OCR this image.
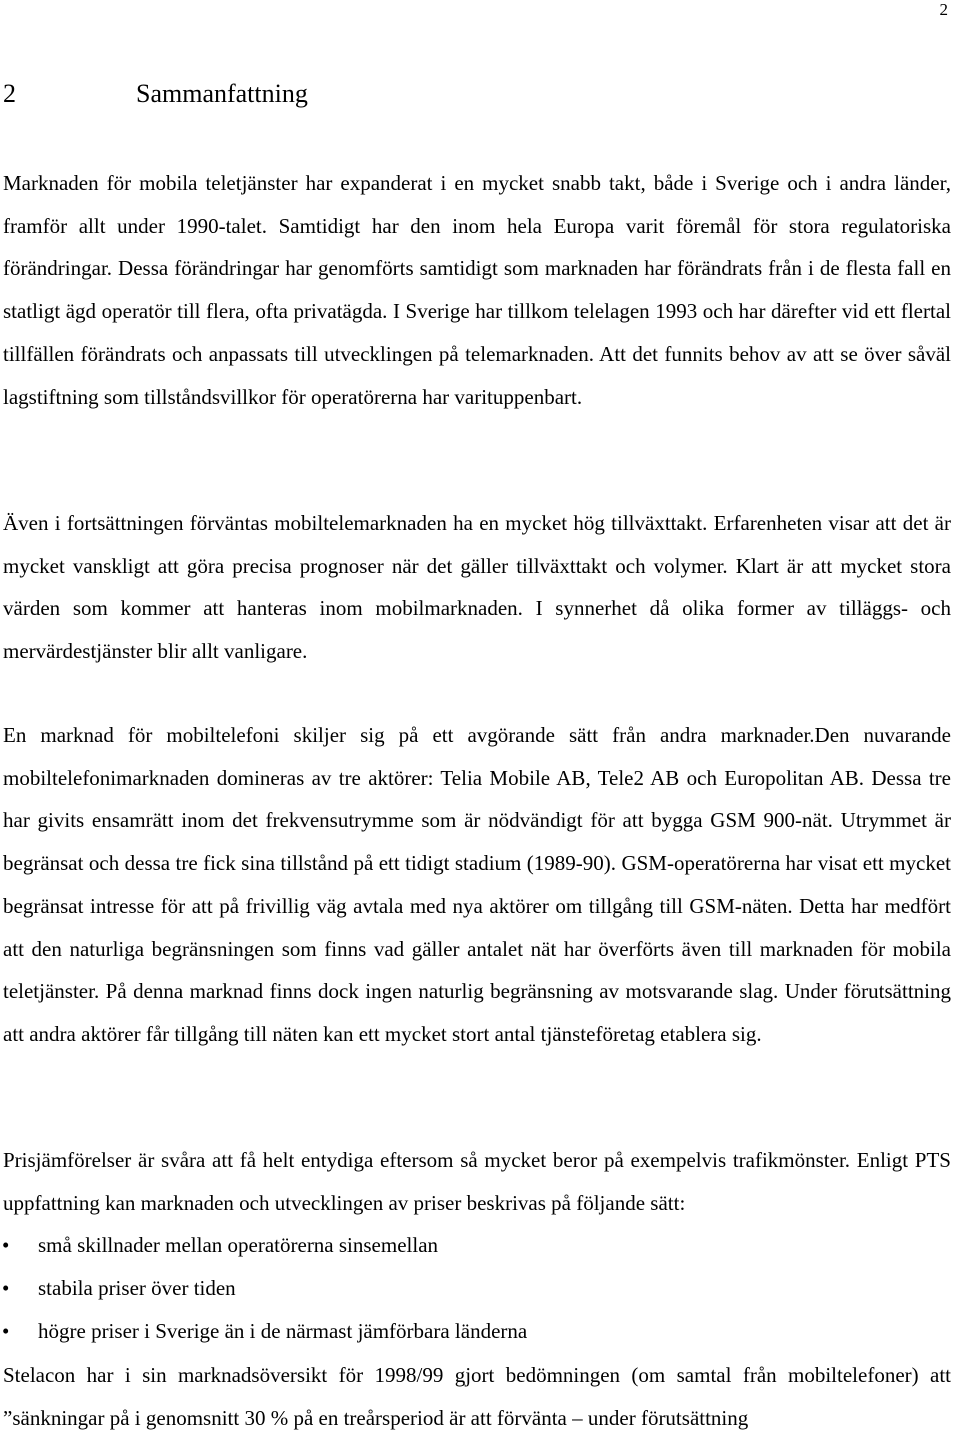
2
2	Sammanfattning

Marknaden för mobila teletjänster har expanderat i en mycket snabb takt, både i Sverige och i andra länder, framför allt under 1990-talet. Samtidigt har den inom hela Europa varit föremål för stora regulatoriska förändringar. Dessa förändringar har genomförts samtidigt som marknaden har förändrats från i de flesta fall en statligt ägd operatör till flera, ofta privatägda. I Sverige har tillkom telelagen 1993 och har därefter vid ett flertal tillfällen förändrats och anpassats till utvecklingen på telemarknaden. Att det funnits behov av att se över såväl lagstiftning som tillståndsvillkor för operatörerna har varituppenbart.

Även i fortsättningen förväntas mobiltelemarknaden ha en mycket hög tillväxttakt. Erfarenheten visar att det är mycket vanskligt att göra precisa prognoser när det gäller tillväxttakt och volymer. Klart är att mycket stora värden som kommer att hanteras inom mobilmarknaden. I synnerhet då olika former av tilläggs- och mervärdestjänster blir allt vanligare.

En marknad för mobiltelefoni skiljer sig på ett avgörande sätt från andra marknader.Den nuvarande mobiltelefonimarknaden domineras av tre aktörer: Telia Mobile AB, Tele2 AB och Europolitan AB. Dessa tre har givits ensamrätt inom det frekvensutrymme som är nödvändigt för att bygga GSM 900-nät. Utrymmet är begränsat och dessa tre fick sina tillstånd på ett tidigt stadium (1989-90). GSM-operatörerna har visat ett mycket begränsat intresse för att på frivillig väg avtala med nya aktörer om tillgång till GSM-näten. Detta har medfört att den naturliga begränsningen som finns vad gäller antalet nät har överförts även till marknaden för mobila teletjänster. På denna marknad finns dock ingen naturlig begränsning av motsvarande slag. Under förutsättning att andra aktörer får tillgång till näten kan ett mycket stort antal tjänsteföretag etablera sig.

Prisjämförelser är svåra att få helt entydiga eftersom så mycket beror på exempelvis trafikmönster. Enligt PTS uppfattning kan marknaden och utvecklingen av priser beskrivas på följande sätt:

• små skillnader mellan operatörerna sinsemellan
• stabila priser över tiden
• högre priser i Sverige än i de närmast jämförbara länderna

Stelacon har i sin marknadsöversikt för 1998/99 gjort bedömningen (om samtal från mobiltelefoner) att ”sänkningar på i genomsnitt 30 % på en treårsperiod är att förvänta – under förutsättning
